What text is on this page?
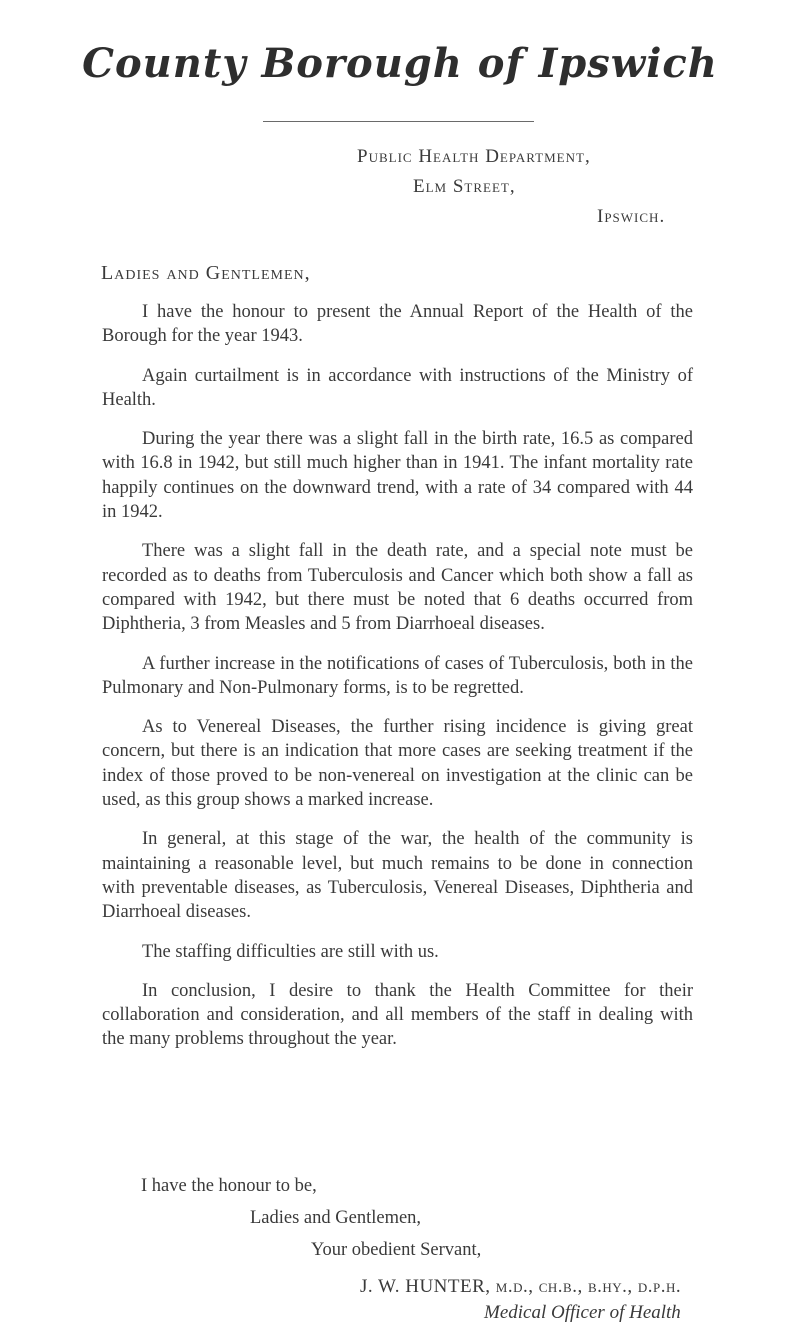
County Borough of Ipswich
Public Health Department,
Elm Street,
Ipswich.
Ladies and Gentlemen,

I have the honour to present the Annual Report of the Health of the Borough for the year 1943.

Again curtailment is in accordance with instructions of the Ministry of Health.

During the year there was a slight fall in the birth rate, 16.5 as compared with 16.8 in 1942, but still much higher than in 1941. The infant mortality rate happily continues on the downward trend, with a rate of 34 compared with 44 in 1942.

There was a slight fall in the death rate, and a special note must be recorded as to deaths from Tuberculosis and Cancer which both show a fall as compared with 1942, but there must be noted that 6 deaths occurred from Diphtheria, 3 from Measles and 5 from Diarrhoeal diseases.

A further increase in the notifications of cases of Tuberculosis, both in the Pulmonary and Non-Pulmonary forms, is to be regretted.

As to Venereal Diseases, the further rising incidence is giving great concern, but there is an indication that more cases are seeking treatment if the index of those proved to be non-venereal on investigation at the clinic can be used, as this group shows a marked increase.

In general, at this stage of the war, the health of the community is maintaining a reasonable level, but much remains to be done in connection with preventable diseases, as Tuberculosis, Venereal Diseases, Diphtheria and Diarrhoeal diseases.

The staffing difficulties are still with us.

In conclusion, I desire to thank the Health Committee for their collaboration and consideration, and all members of the staff in dealing with the many problems throughout the year.

I have the honour to be,
Ladies and Gentlemen,
Your obedient Servant,
J. W. HUNTER, m.d., ch.b., b.hy., d.p.h.
Medical Officer of Health
